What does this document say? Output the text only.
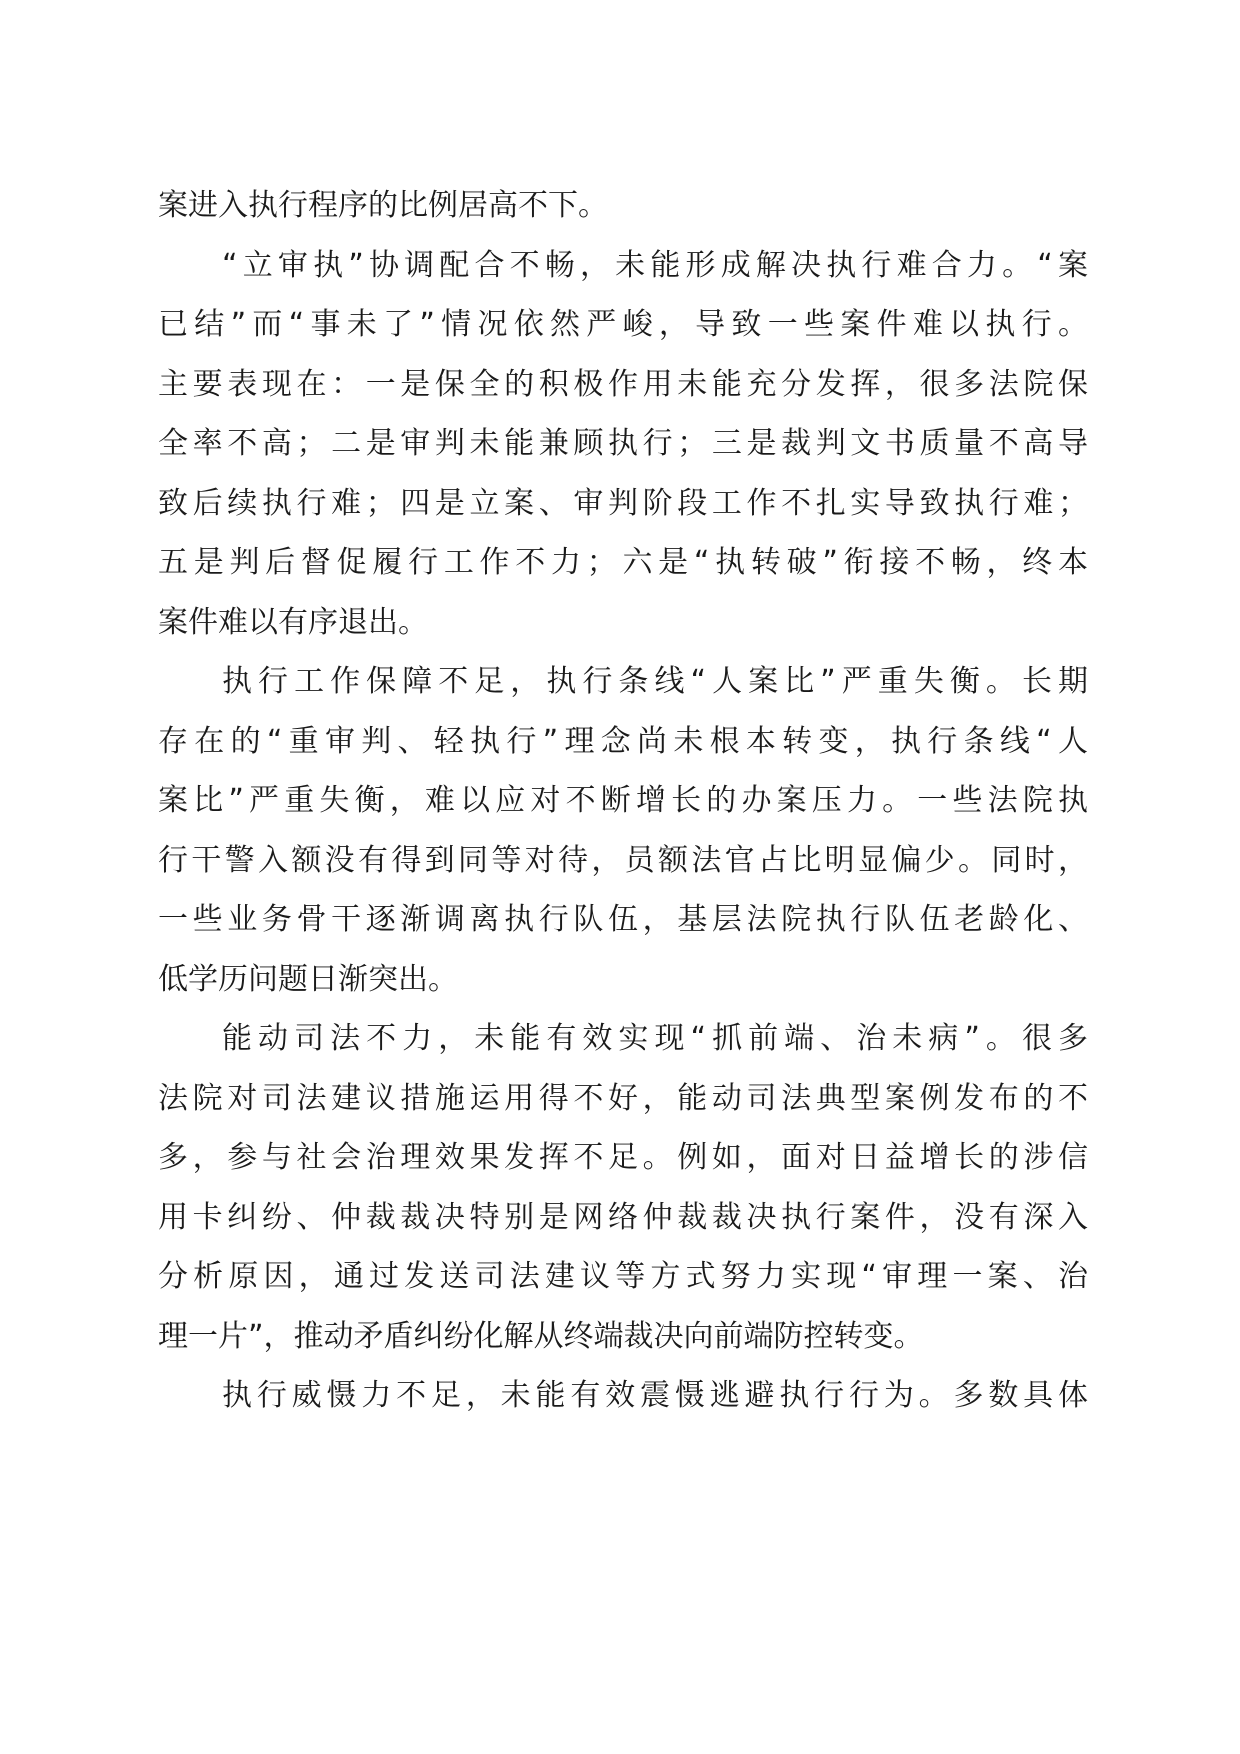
案进入执行程序的比例居高不下。
“立审执”协调配合不畅，未能形成解决执行难合力。“案
已结”而“事未了”情况依然严峻，导致一些案件难以执行。
主要表现在：一是保全的积极作用未能充分发挥，很多法院保
全率不高；二是审判未能兼顾执行；三是裁判文书质量不高导
致后续执行难；四是立案、审判阶段工作不扎实导致执行难；
五是判后督促履行工作不力；六是“执转破”衔接不畅，终本
案件难以有序退出。
执行工作保障不足，执行条线“人案比”严重失衡。长期
存在的“重审判、轻执行”理念尚未根本转变，执行条线“人
案比”严重失衡，难以应对不断增长的办案压力。一些法院执
行干警入额没有得到同等对待，员额法官占比明显偏少。同时，
一些业务骨干逐渐调离执行队伍，基层法院执行队伍老龄化、
低学历问题日渐突出。
能动司法不力，未能有效实现“抓前端、治未病”。很多
法院对司法建议措施运用得不好，能动司法典型案例发布的不
多，参与社会治理效果发挥不足。例如，面对日益增长的涉信
用卡纠纷、仲裁裁决特别是网络仲裁裁决执行案件，没有深入
分析原因，通过发送司法建议等方式努力实现“审理一案、治
理一片”，推动矛盾纠纷化解从终端裁决向前端防控转变。
执行威慑力不足，未能有效震慑逃避执行行为。多数具体
